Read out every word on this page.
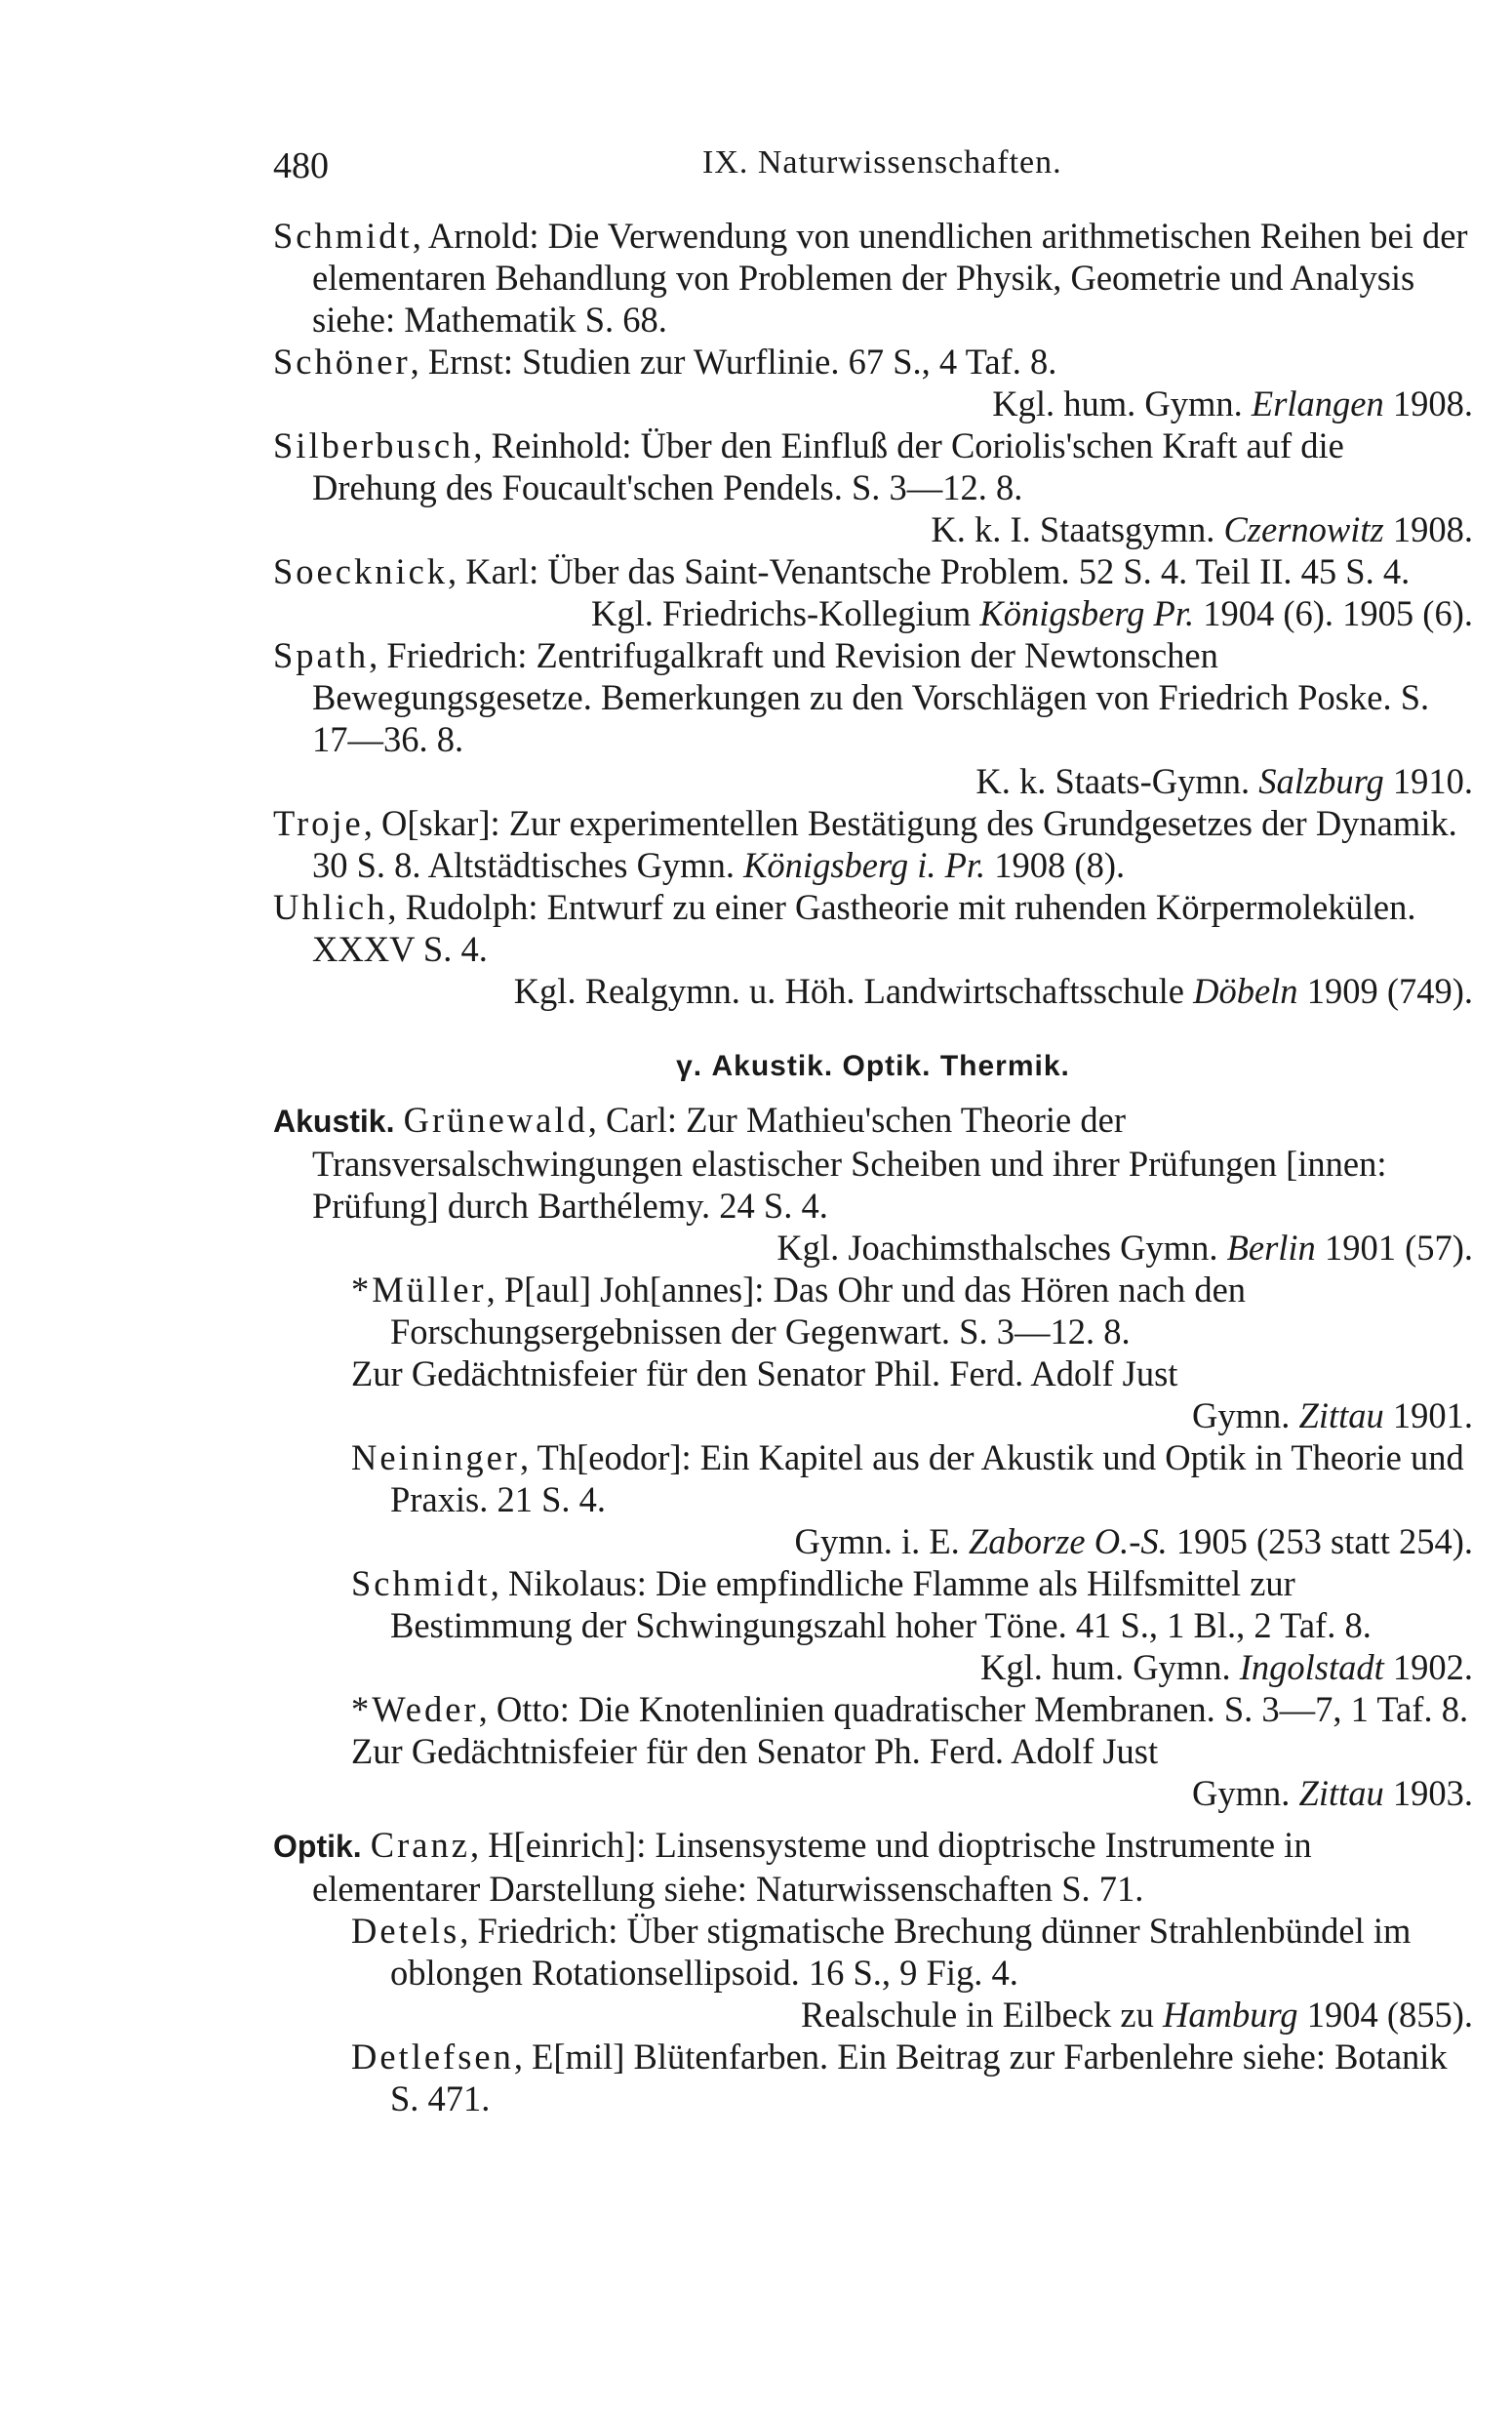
480	IX. Naturwissenschaften.
Schmidt, Arnold: Die Verwendung von unendlichen arithmetischen Reihen bei der elementaren Behandlung von Problemen der Physik, Geometrie und Analysis siehe: Mathematik S. 68.
Schöner, Ernst: Studien zur Wurflinie. 67 S., 4 Taf. 8.
Kgl. hum. Gymn. Erlangen 1908.
Silberbusch, Reinhold: Über den Einfluß der Coriolis'schen Kraft auf die Drehung des Foucault'schen Pendels. S. 3—12. 8.
K. k. I. Staatsgymn. Czernowitz 1908.
Soecknick, Karl: Über das Saint-Venantsche Problem. 52 S. 4. Teil II. 45 S. 4.
Kgl. Friedrichs-Kollegium Königsberg Pr. 1904 (6). 1905 (6).
Spath, Friedrich: Zentrifugalkraft und Revision der Newtonschen Bewegungsgesetze. Bemerkungen zu den Vorschlägen von Friedrich Poske. S. 17—36. 8.
K. k. Staats-Gymn. Salzburg 1910.
Troje, O[skar]: Zur experimentellen Bestätigung des Grundgesetzes der Dynamik. 30 S. 8. Altstädtisches Gymn. Königsberg i. Pr. 1908 (8).
Uhlich, Rudolph: Entwurf zu einer Gastheorie mit ruhenden Körpermolekülen. XXXV S. 4.
Kgl. Realgymn. u. Höh. Landwirtschaftsschule Döbeln 1909 (749).
γ. Akustik. Optik. Thermik.
Akustik. Grünewald, Carl: Zur Mathieu'schen Theorie der Transversalschwingungen elastischer Scheiben und ihrer Prüfungen [innen: Prüfung] durch Barthélemy. 24 S. 4.
Kgl. Joachimsthalsches Gymn. Berlin 1901 (57).
*Müller, P[aul] Joh[annes]: Das Ohr und das Hören nach den Forschungsergebnissen der Gegenwart. S. 3—12. 8.
Zur Gedächtnisfeier für den Senator Phil. Ferd. Adolf Just
Gymn. Zittau 1901.
Neininger, Th[eodor]: Ein Kapitel aus der Akustik und Optik in Theorie und Praxis. 21 S. 4.
Gymn. i. E. Zaborze O.-S. 1905 (253 statt 254).
Schmidt, Nikolaus: Die empfindliche Flamme als Hilfsmittel zur Bestimmung der Schwingungszahl hoher Töne. 41 S., 1 Bl., 2 Taf. 8.
Kgl. hum. Gymn. Ingolstadt 1902.
*Weder, Otto: Die Knotenlinien quadratischer Membranen. S. 3—7, 1 Taf. 8.
Zur Gedächtnisfeier für den Senator Ph. Ferd. Adolf Just
Gymn. Zittau 1903.
Optik. Cranz, H[einrich]: Linsensysteme und dioptrische Instrumente in elementarer Darstellung siehe: Naturwissenschaften S. 71.
Detels, Friedrich: Über stigmatische Brechung dünner Strahlenbündel im oblongen Rotationsellipsoid. 16 S., 9 Fig. 4.
Realschule in Eilbeck zu Hamburg 1904 (855).
Detlefsen, E[mil] Blütenfarben. Ein Beitrag zur Farbenlehre siehe: Botanik S. 471.
